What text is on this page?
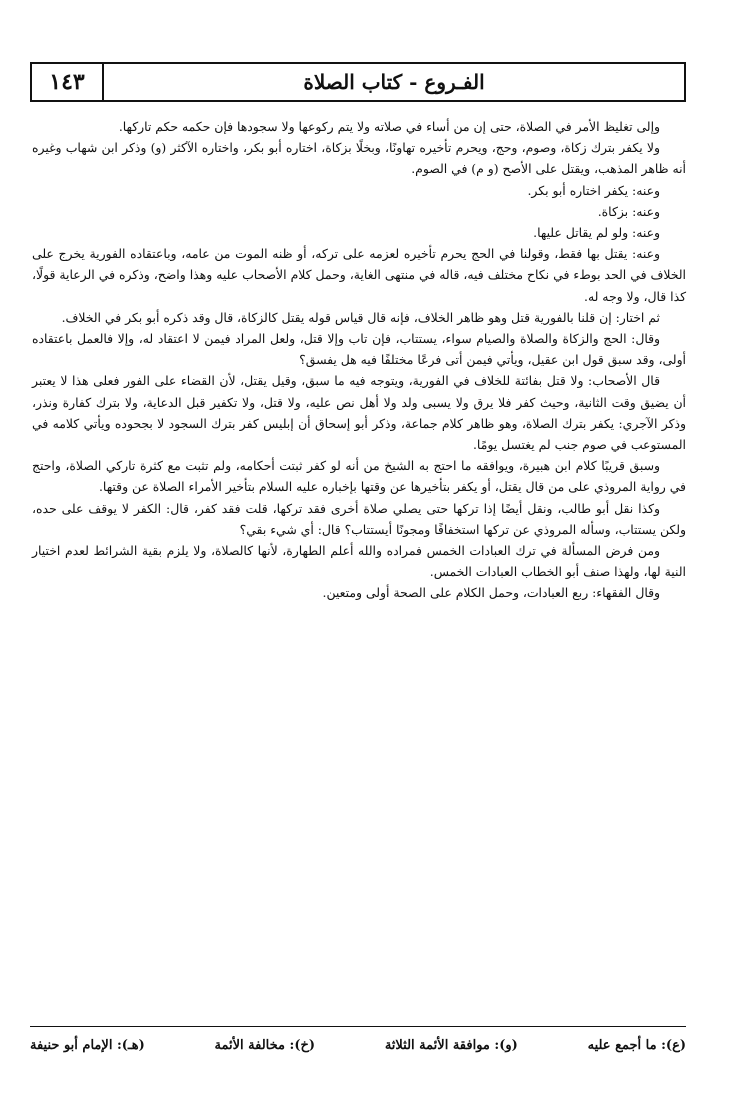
١٤٣	الفـروع - كتاب الصلاة

وإلى تغليظ الأمر في الصلاة، حتى إن من أساء في صلاته ولا يتم ركوعها ولا سجودها فإن حكمه حكم تاركها.

ولا يكفر بترك زكاة، وصوم، وحج، ويحرم تأخيره تهاونًا، وبخلًا بزكاة، اختاره أبو بكر، واختاره الآكثر (و) وذكر ابن شهاب وغيره أنه ظاهر المذهب، ويقتل على الأصح (و م) في الصوم.

وعنه: يكفر اختاره أبو بكر.

وعنه: بزكاة.

وعنه: ولو لم يقاتل عليها.

وعنه: يقتل بها فقط، وقولنا في الحج يحرم تأخيره لعزمه على تركه، أو ظنه الموت من عامه، وباعتقاده الفورية يخرج على الخلاف في الحد بوطء في نكاح مختلف فيه، قاله في منتهى الغاية، وحمل كلام الأصحاب عليه وهذا واضح، وذكره في الرعاية قولًا، كذا قال، ولا وجه له.

ثم اختار: إن قلنا بالفورية قتل وهو ظاهر الخلاف، فإنه قال قياس قوله يقتل كالزكاة، قال وقد ذكره أبو بكر في الخلاف.

وقال: الحج والزكاة والصلاة والصيام سواء، يستتاب، فإن تاب وإلا قتل، ولعل المراد فيمن لا اعتقاد له، وإلا فالعمل باعتقاده أولى، وقد سبق قول ابن عقيل، ويأتي فيمن أتى فرعًا مختلفًا فيه هل يفسق؟

قال الأصحاب: ولا قتل بفائتة للخلاف في الفورية، ويتوجه فيه ما سبق، وقيل يقتل، لأن القضاء على الفور فعلى هذا لا يعتبر أن يضيق وقت الثانية، وحيث كفر فلا يرق ولا يسبى ولد ولا أهل نص عليه، ولا قتل، ولا تكفير قبل الدعاية، ولا بترك كفارة ونذر، وذكر الآجري: يكفر بترك الصلاة، وهو ظاهر كلام جماعة، وذكر أبو إسحاق أن إبليس كفر بترك السجود لا بجحوده ويأتي كلامه في المستوعب في صوم جنب لم يغتسل يومًا.

وسبق قريبًا كلام ابن هبيرة، ويوافقه ما احتج به الشيخ من أنه لو كفر ثبتت أحكامه، ولم تثبت مع كثرة تاركي الصلاة، واحتج في رواية المروذي على من قال يقتل، أو يكفر بتأخيرها عن وقتها بإخباره عليه السلام بتأخير الأمراء الصلاة عن وقتها.

وكذا نقل أبو طالب، ونقل أيضًا إذا تركها حتى يصلي صلاة أخرى فقد تركها، قلت فقد كفر، قال: الكفر لا يوقف على حده، ولكن يستتاب، وسأله المروذي عن تركها استخفافًا ومجونًا أيستتاب؟ قال: أي شيء بقي؟

ومن فرض المسألة في ترك العبادات الخمس فمراده والله أعلم الطهارة، لأنها كالصلاة، ولا يلزم بقية الشرائط لعدم اختيار النية لها، ولهذا صنف أبو الخطاب العبادات الخمس.

وقال الفقهاء: ربع العبادات، وحمل الكلام على الصحة أولى ومتعين.

(ع): ما أجمع عليه
(و): موافقة الأئمة الثلاثة
(خ): مخالفة الأئمة
(هـ): الإمام أبو حنيفة
